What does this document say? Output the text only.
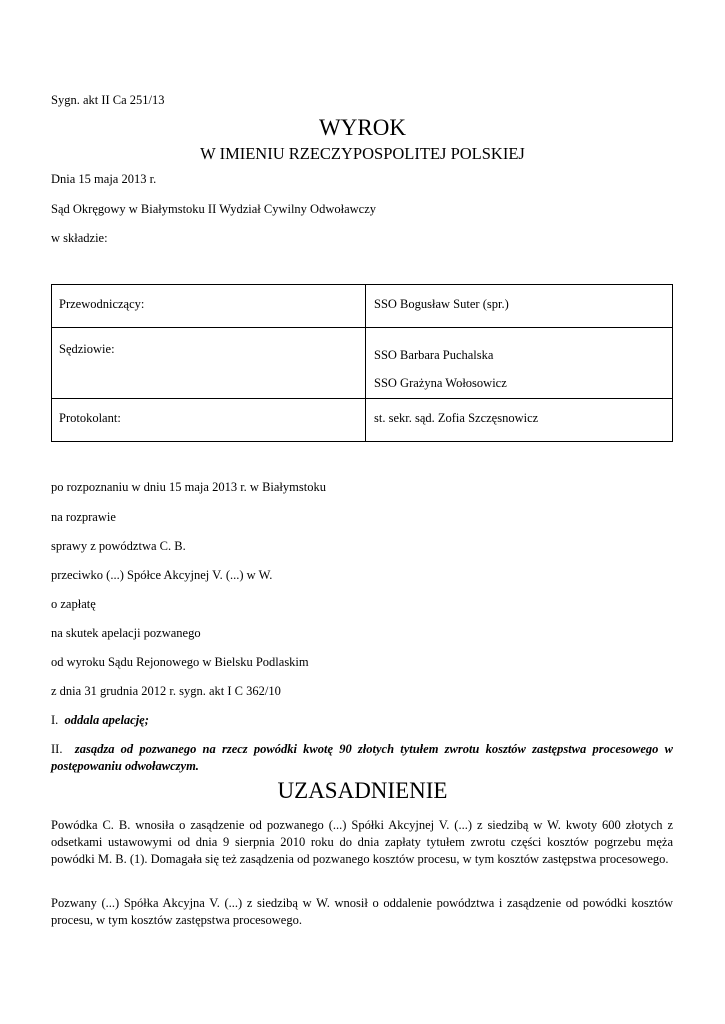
Sygn. akt II Ca 251/13
WYROK
W IMIENIU RZECZYPOSPOLITEJ POLSKIEJ
Dnia 15 maja 2013 r.
Sąd Okręgowy w Białymstoku II Wydział Cywilny Odwoławczy
w składzie:
Przewodniczący:	SSO Bogusław Suter (spr.)

Sędziowie:	SSO Barbara Puchalska
SSO Grażyna Wołosowicz

Protokolant:	st. sekr. sąd. Zofia Szczęsnowicz
po rozpoznaniu w dniu 15 maja 2013 r. w Białymstoku
na rozprawie
sprawy z powództwa C. B.
przeciwko (...) Spółce Akcyjnej V. (...) w W.
o zapłatę
na skutek apelacji pozwanego
od wyroku Sądu Rejonowego w Bielsku Podlaskim
z dnia 31 grudnia 2012 r. sygn. akt I C 362/10
I. oddala apelację;
II. zasądza od pozwanego na rzecz powódki kwotę 90 złotych tytułem zwrotu kosztów zastępstwa procesowego w postępowaniu odwoławczym.
UZASADNIENIE
Powódka C. B. wnosiła o zasądzenie od pozwanego (...) Spółki Akcyjnej V. (...) z siedzibą w W. kwoty 600 złotych z odsetkami ustawowymi od dnia 9 sierpnia 2010 roku do dnia zapłaty tytułem zwrotu części kosztów pogrzebu męża powódki M. B. (1). Domagała się też zasądzenia od pozwanego kosztów procesu, w tym kosztów zastępstwa procesowego.
Pozwany (...) Spółka Akcyjna V. (...) z siedzibą w W. wnosił o oddalenie powództwa i zasądzenie od powódki kosztów procesu, w tym kosztów zastępstwa procesowego.
